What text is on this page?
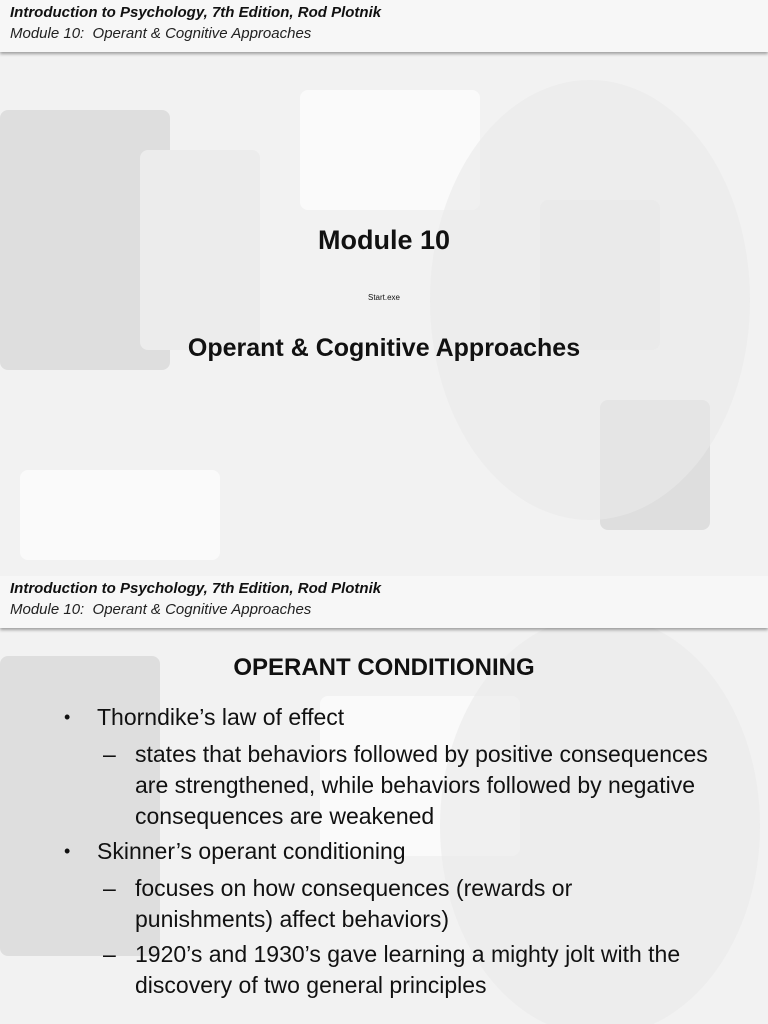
Introduction to Psychology, 7th Edition, Rod Plotnik
Module 10:  Operant & Cognitive Approaches
Module 10
Start.exe
Operant & Cognitive Approaches
Introduction to Psychology, 7th Edition, Rod Plotnik
Module 10:  Operant & Cognitive Approaches
OPERANT CONDITIONING
• Thorndike’s law of effect
– states that behaviors followed by positive consequences are strengthened, while behaviors followed by negative consequences are weakened
• Skinner’s operant conditioning
– focuses on how consequences (rewards or punishments) affect behaviors)
– 1920’s and 1930’s gave learning a mighty jolt with the discovery of two general principles
